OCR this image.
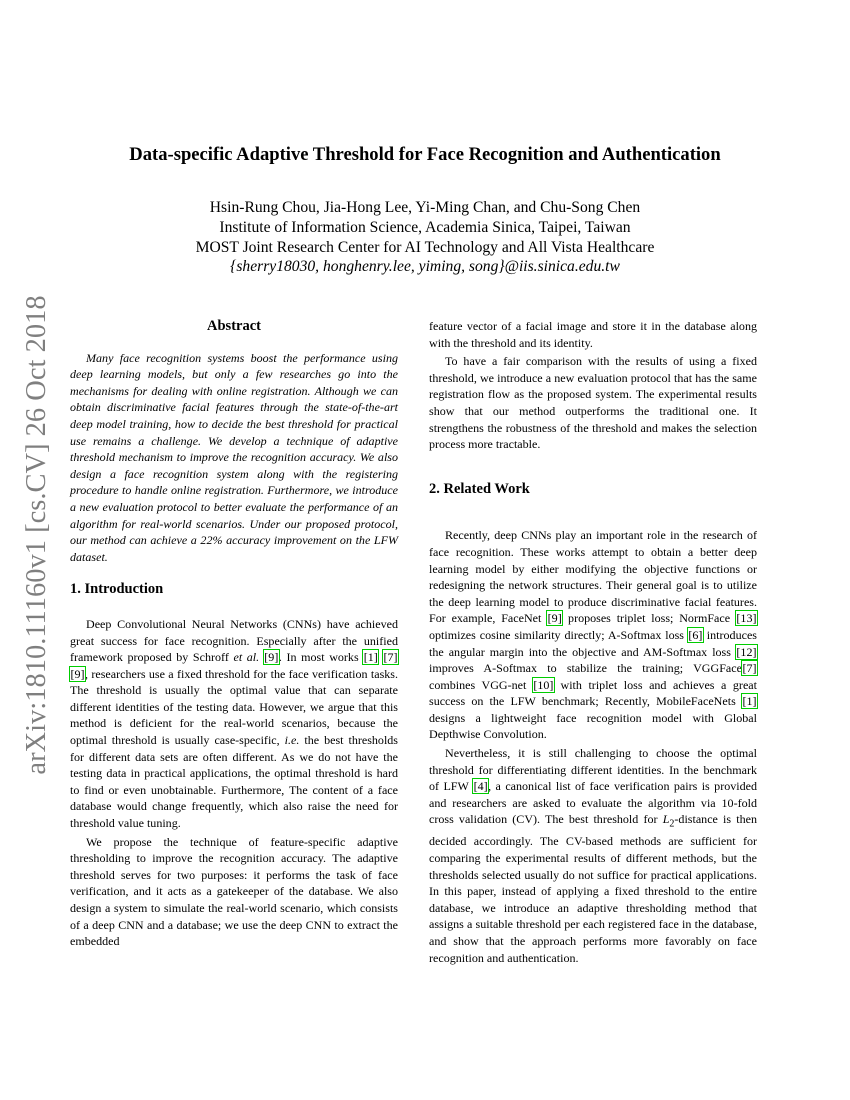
Data-specific Adaptive Threshold for Face Recognition and Authentication
Hsin-Rung Chou, Jia-Hong Lee, Yi-Ming Chan, and Chu-Song Chen
Institute of Information Science, Academia Sinica, Taipei, Taiwan
MOST Joint Research Center for AI Technology and All Vista Healthcare
{sherry18030, honghenry.lee, yiming, song}@iis.sinica.edu.tw
arXiv:1810.11160v1 [cs.CV] 26 Oct 2018	Abstract

Many face recognition systems boost the performance using deep learning models, but only a few researches go into the mechanisms for dealing with online registration. Although we can obtain discriminative facial features through the state-of-the-art deep model training, how to decide the best threshold for practical use remains a challenge. We develop a technique of adaptive threshold mechanism to improve the recognition accuracy. We also design a face recognition system along with the registering procedure to handle online registration. Furthermore, we introduce a new evaluation protocol to better evaluate the performance of an algorithm for real-world scenarios. Under our proposed protocol, our method can achieve a 22% accuracy improvement on the LFW dataset.

1. Introduction

Deep Convolutional Neural Networks (CNNs) have achieved great success for face recognition. Especially after the unified framework proposed by Schroff et al. [9]. In most works [1] [7] [9], researchers use a fixed threshold for the face verification tasks. The threshold is usually the optimal value that can separate different identities of the testing data. However, we argue that this method is deficient for the real-world scenarios, because the optimal threshold is usually case-specific, i.e. the best thresholds for different data sets are often different. As we do not have the testing data in practical applications, the optimal threshold is hard to find or even unobtainable. Furthermore, The content of a face database would change frequently, which also raise the need for threshold value tuning.

We propose the technique of feature-specific adaptive thresholding to improve the recognition accuracy. The adaptive threshold serves for two purposes: it performs the task of face verification, and it acts as a gatekeeper of the database. We also design a system to simulate the real-world scenario, which consists of a deep CNN and a database; we use the deep CNN to extract the embedded

feature vector of a facial image and store it in the database along with the threshold and its identity.

To have a fair comparison with the results of using a fixed threshold, we introduce a new evaluation protocol that has the same registration flow as the proposed system. The experimental results show that our method outperforms the traditional one. It strengthens the robustness of the threshold and makes the selection process more tractable.

2. Related Work

Recently, deep CNNs play an important role in the research of face recognition. These works attempt to obtain a better deep learning model by either modifying the objective functions or redesigning the network structures. Their general goal is to utilize the deep learning model to produce discriminative facial features. For example, FaceNet [9] proposes triplet loss; NormFace [13] optimizes cosine similarity directly; A-Softmax loss [6] introduces the angular margin into the objective and AM-Softmax loss [12] improves A-Softmax to stabilize the training; VGGFace[7] combines VGG-net [10] with triplet loss and achieves a great success on the LFW benchmark; Recently, MobileFaceNets [1] designs a lightweight face recognition model with Global Depthwise Convolution.

Nevertheless, it is still challenging to choose the optimal threshold for differentiating different identities. In the benchmark of LFW [4], a canonical list of face verification pairs is provided and researchers are asked to evaluate the algorithm via 10-fold cross validation (CV). The best threshold for $L_2$-distance is then decided accordingly. The CV-based methods are sufficient for comparing the experimental results of different methods, but the thresholds selected usually do not suffice for practical applications. In this paper, instead of applying a fixed threshold to the entire database, we introduce an adaptive thresholding method that assigns a suitable threshold per each registered face in the database, and show that the approach performs more favorably on face recognition and authentication.
